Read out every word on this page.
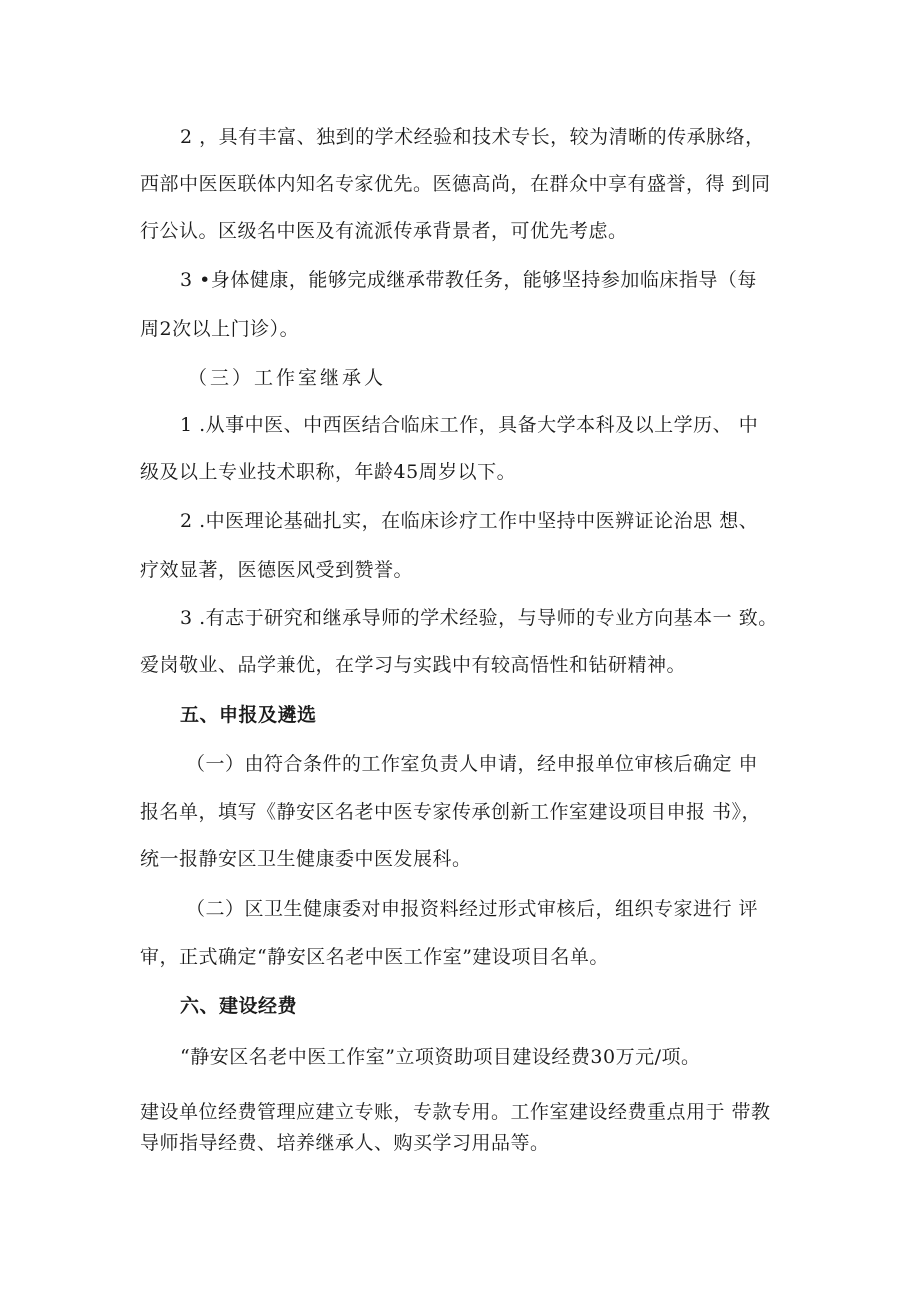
2 ，具有丰富、独到的学术经验和技术专长，较为清晰的传承脉络，
西部中医医联体内知名专家优先。医德高尚，在群众中享有盛誉，得 到同
行公认。区级名中医及有流派传承背景者，可优先考虑。
3 •身体健康，能够完成继承带教任务，能够坚持参加临床指导（每
周2次以上门诊）。
（三）工作室继承人
1 .从事中医、中西医结合临床工作，具备大学本科及以上学历、 中
级及以上专业技术职称，年龄45周岁以下。
2 .中医理论基础扎实，在临床诊疗工作中坚持中医辨证论治思 想、
疗效显著，医德医风受到赞誉。
3 .有志于研究和继承导师的学术经验，与导师的专业方向基本一 致。
爱岗敬业、品学兼优，在学习与实践中有较高悟性和钻研精神。
五、申报及遴选
（一）由符合条件的工作室负责人申请，经申报单位审核后确定 申
报名单，填写《静安区名老中医专家传承创新工作室建设项目申报 书》，
统一报静安区卫生健康委中医发展科。
（二）区卫生健康委对申报资料经过形式审核后，组织专家进行 评
审，正式确定“静安区名老中医工作室”建设项目名单。
六、建设经费
“静安区名老中医工作室”立项资助项目建设经费30万元/项。
建设单位经费管理应建立专账，专款专用。工作室建设经费重点用于 带教
导师指导经费、培养继承人、购买学习用品等。
